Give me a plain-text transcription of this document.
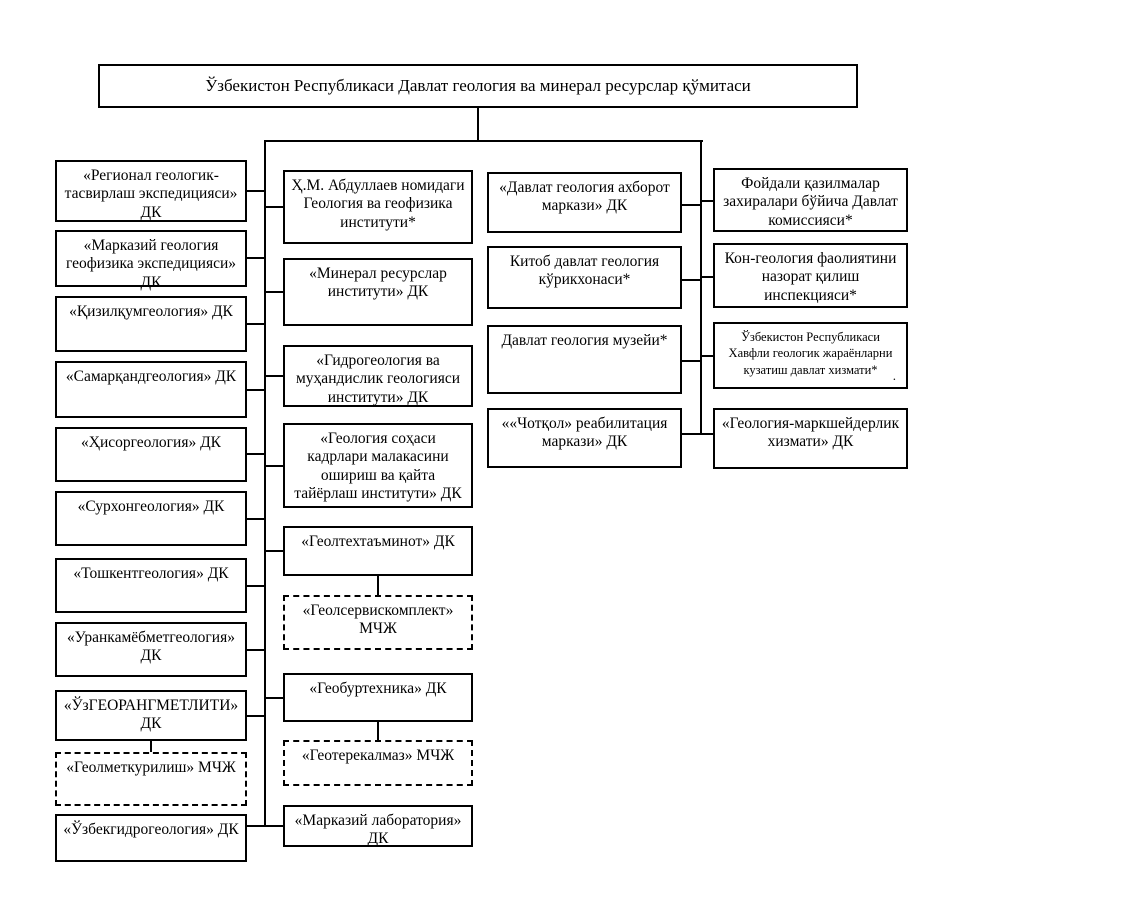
Ўзбекистон Республикаси Давлат геология ва минерал ресурслар қўмитаси
«Регионал геологик-тасвирлаш экспедицияси» ДК
«Марказий геология геофизика экспедицияси» ДК
«Қизилқумгеология» ДК
«Самарқандгеология» ДК
«Ҳисоргеология» ДК
«Сурхонгеология» ДК
«Тошкентгеология» ДК
«Уранкамёбметгеология» ДК
«ЎзГЕОРАНГМЕТЛИТИ» ДК
«Геолметкурилиш» МЧЖ
«Ўзбекгидрогеология» ДК
Ҳ.М. Абдуллаев номидаги Геология ва геофизика институти*
«Минерал ресурслар институти» ДК
«Гидрогеология ва муҳандислик геологияси институти» ДК
«Геология соҳаси кадрлари малакасини ошириш ва қайта тайёрлаш институти» ДК
«Геолтехтаъминот» ДК
«Геолсервискомплект» МЧЖ
«Геобуртехника» ДК
«Геотерекалмаз» МЧЖ
«Марказий лаборатория» ДК
«Давлат геология ахборот маркази» ДК
Китоб давлат геология кўрикхонаси*
Давлат геология музейи*
««Чотқол» реабилитация маркази» ДК
Фойдали қазилмалар захиралари бўйича Давлат комиссияси*
Кон-геология фаолиятини назорат қилиш инспекцияси*
Ўзбекистон Республикаси Хавфли геологик жараёнларни кузатиш давлат хизмати* .
«Геология-маркшейдерлик хизмати» ДК
